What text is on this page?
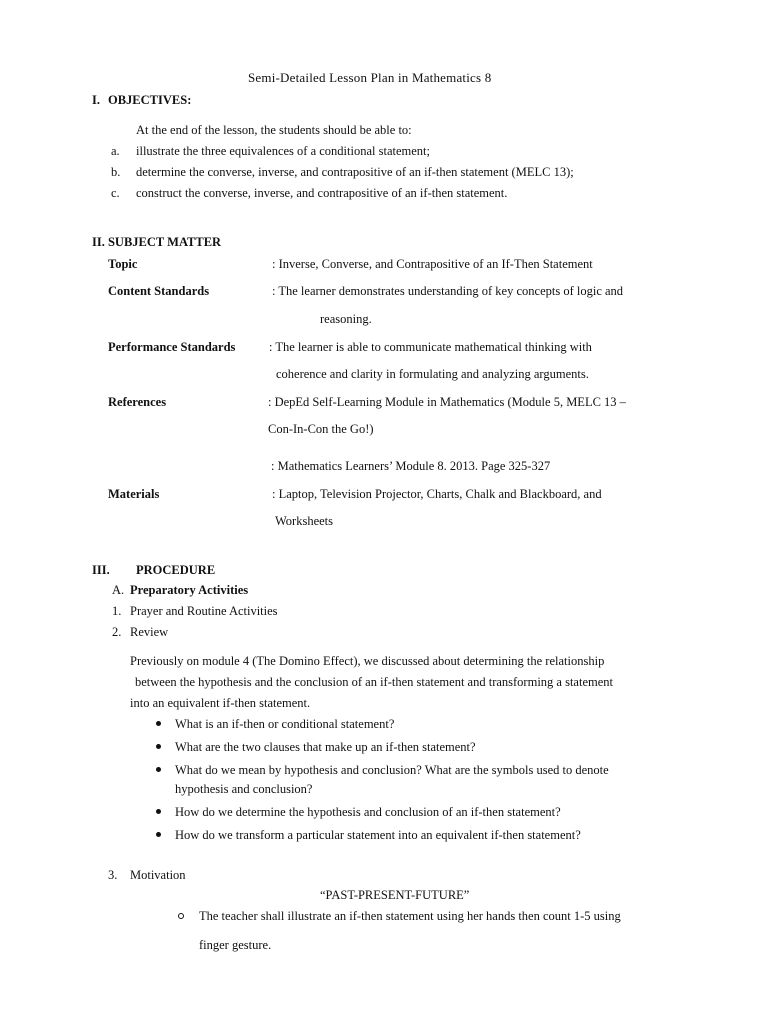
Semi-Detailed Lesson Plan in Mathematics 8
I. OBJECTIVES:
At the end of the lesson, the students should be able to:
a. illustrate the three equivalences of a conditional statement;
b. determine the converse, inverse, and contrapositive of an if-then statement (MELC 13);
c. construct the converse, inverse, and contrapositive of an if-then statement.
II. SUBJECT MATTER
Topic	: Inverse, Converse, and Contrapositive of an If-Then Statement
Content Standards	: The learner demonstrates understanding of key concepts of logic and
reasoning.
Performance Standards	: The learner is able to communicate mathematical thinking with
coherence and clarity in formulating and analyzing arguments.
References	: DepEd Self-Learning Module in Mathematics (Module 5, MELC 13 –
Con-In-Con the Go!)
: Mathematics Learners’ Module 8. 2013. Page 325-327
Materials	: Laptop, Television Projector, Charts, Chalk and Blackboard, and
Worksheets
III. PROCEDURE
A. Preparatory Activities
1. Prayer and Routine Activities
2. Review
Previously on module 4 (The Domino Effect), we discussed about determining the relationship
between the hypothesis and the conclusion of an if-then statement and transforming a statement
into an equivalent if-then statement.
What is an if-then or conditional statement?
What are the two clauses that make up an if-then statement?
What do we mean by hypothesis and conclusion? What are the symbols used to denote
hypothesis and conclusion?
How do we determine the hypothesis and conclusion of an if-then statement?
How do we transform a particular statement into an equivalent if-then statement?
3. Motivation
“PAST-PRESENT-FUTURE”
The teacher shall illustrate an if-then statement using her hands then count 1-5 using
finger gesture.
